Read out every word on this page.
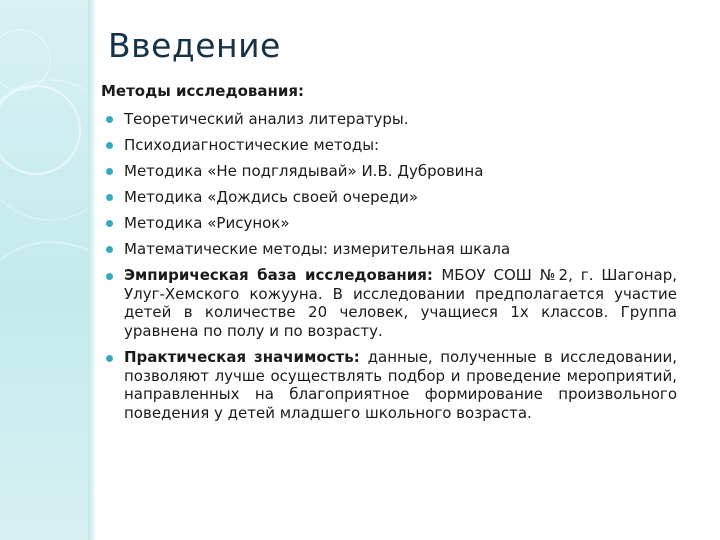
Введение
Методы исследования:
Теоретический анализ литературы.
Психодиагностические методы:
Методика «Не подглядывай» И.В. Дубровина
Методика «Дождись своей очереди»
Методика «Рисунок»
Математические методы: измерительная шкала
Эмпирическая база исследования: МБОУ СОШ №2, г. Шагонар, Улуг-Хемского кожууна. В исследовании предполагается участие детей в количестве 20 человек, учащиеся 1х классов. Группа уравнена по полу и по возрасту.
Практическая значимость: данные, полученные в исследовании, позволяют лучше осуществлять подбор и проведение мероприятий, направленных на благоприятное формирование произвольного поведения у детей младшего школьного возраста.
